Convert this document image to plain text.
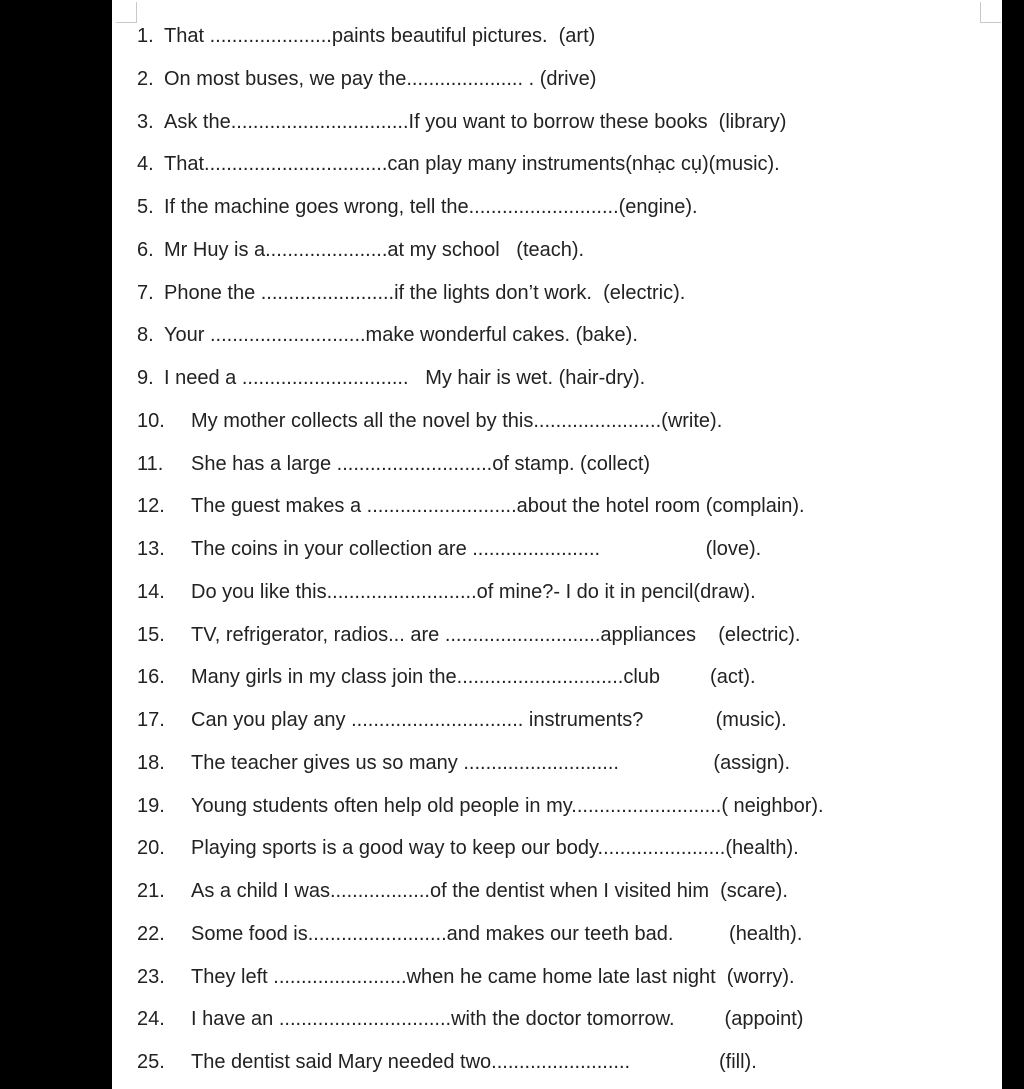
1. That ......................paints beautiful pictures.  (art)
2. On most buses, we pay the..................... . (drive)
3. Ask the................................If you want to borrow these books  (library)
4. That.................................can play many instruments(nhạc cụ)(music).
5. If the machine goes wrong, tell the...........................(engine).
6. Mr Huy is a......................at my school   (teach).
7. Phone the ........................if the lights don’t work.  (electric).
8. Your ............................make wonderful cakes. (bake).
9. I need a ..............................   My hair is wet. (hair-dry).
10. My mother collects all the novel by this.......................(write).
11. She has a large ............................of stamp. (collect)
12. The guest makes a ...........................about the hotel room (complain).
13. The coins in your collection are .......................                   (love).
14. Do you like this...........................of mine?- I do it in pencil(draw).
15. TV, refrigerator, radios... are ............................appliances    (electric).
16. Many girls in my class join the..............................club         (act).
17. Can you play any ............................... instruments?             (music).
18. The teacher gives us so many ............................                 (assign).
19. Young students often help old people in my...........................( neighbor).
20. Playing sports is a good way to keep our body.......................(health).
21. As a child I was..................of the dentist when I visited him  (scare).
22. Some food is.........................and makes our teeth bad.          (health).
23. They left ........................when he came home late last night  (worry).
24. I have an ...............................with the doctor tomorrow.         (appoint)
25. The dentist said Mary needed two.........................                (fill).
